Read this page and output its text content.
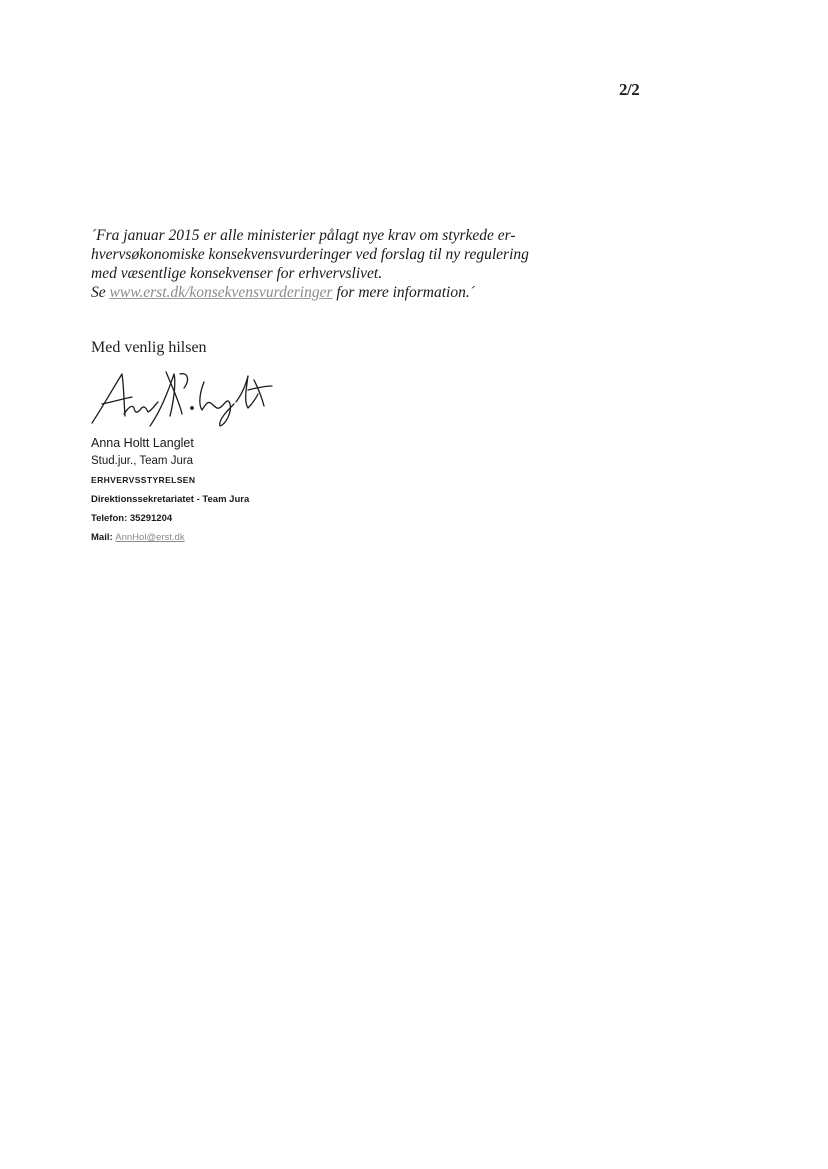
2/2
´Fra januar 2015 er alle ministerier pålagt nye krav om styrkede er-
hvervsøkonomiske konsekvensvurderinger ved forslag til ny regulering
med væsentlige konsekvenser for erhvervslivet.
Se www.erst.dk/konsekvensvurderinger for mere information.´
Med venlig hilsen
Anna Holtt Langlet
Stud.jur., Team Jura
ERHVERVSSTYRELSEN
Direktionssekretariatet - Team Jura
Telefon: 35291204
Mail: AnnHol@erst.dk
